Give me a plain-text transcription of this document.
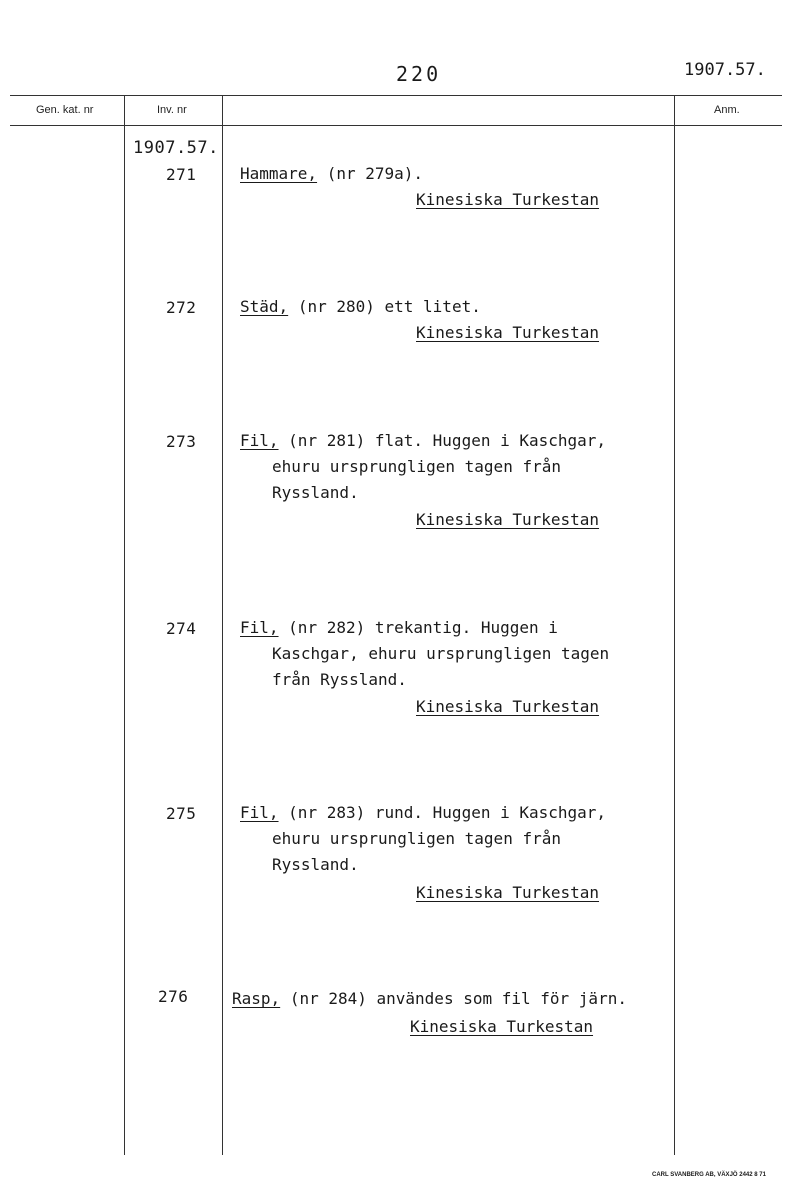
220	1907.57.
Gen. kat. nr	Inv. nr	Anm.
1907.57.
271	Hammare, (nr 279a).
Kinesiska Turkestan
272	Städ, (nr 280) ett litet.
Kinesiska Turkestan
273	Fil, (nr 281) flat. Huggen i Kaschgar,
ehuru ursprungligen tagen från
Ryssland.
Kinesiska Turkestan
274	Fil, (nr 282) trekantig. Huggen i
Kaschgar, ehuru ursprungligen tagen
från Ryssland.
Kinesiska Turkestan
275	Fil, (nr 283) rund. Huggen i Kaschgar,
ehuru ursprungligen tagen från
Ryssland.
Kinesiska Turkestan
276	Rasp, (nr 284) användes som fil för järn.
Kinesiska Turkestan
CARL SVANBERG AB, VÄXJÖ 2442 8 71
